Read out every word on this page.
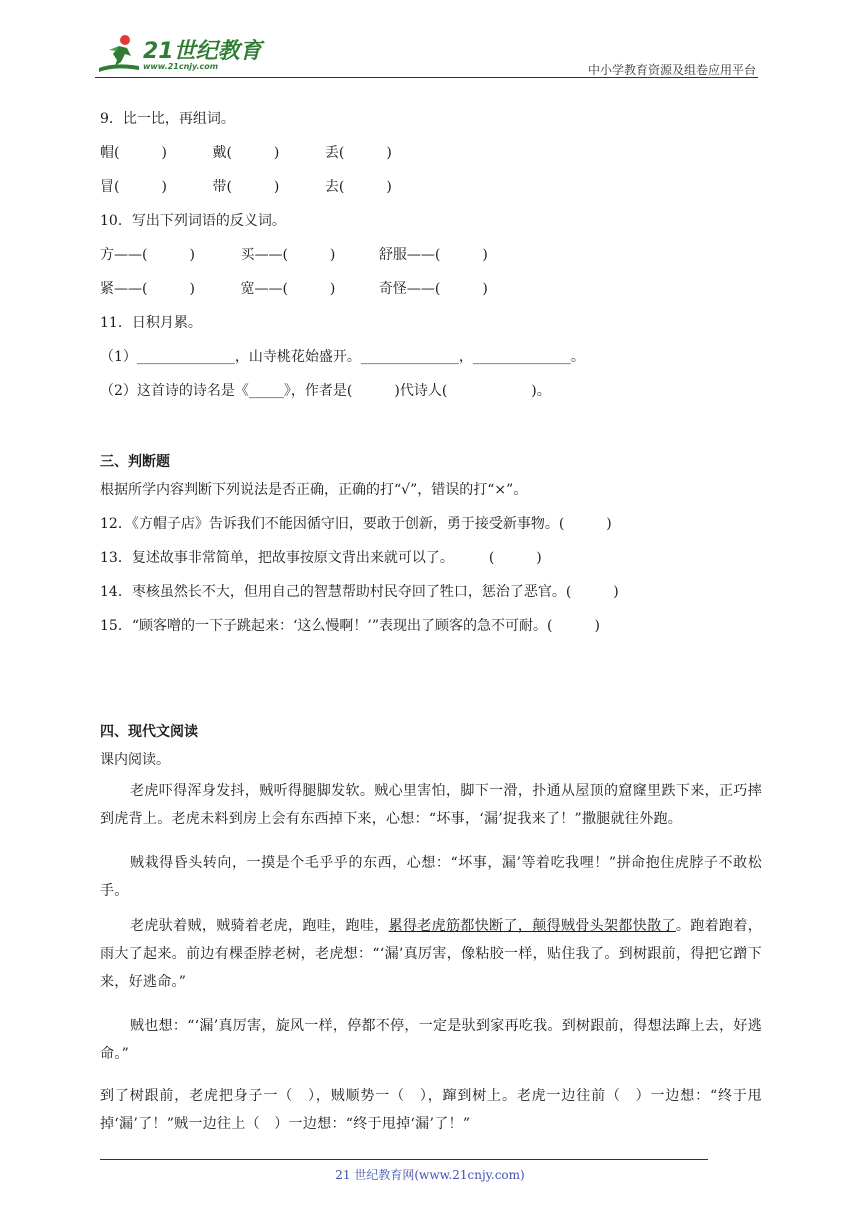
21世纪教育
www.21cnjy.com	中小学教育资源及组卷应用平台
9．比一比，再组词。
帽(　　　)	戴(　　　)	丢(　　　)
冒(　　　)	带(　　　)	去(　　　)
10．写出下列词语的反义词。
方——(　　　)	买——(　　　)	舒服——(　　　)
紧——(　　　)	宽——(　　　)	奇怪——(　　　)
11．日积月累。
（1）______________，山寺桃花始盛开。______________，______________。
（2）这首诗的诗名是《_____》，作者是(　　　)代诗人(　　　　　　)。
三、判断题
根据所学内容判断下列说法是否正确，正确的打“√”，错误的打“×”。
12．《方帽子店》告诉我们不能因循守旧，要敢于创新，勇于接受新事物。(　　　)
13．复述故事非常简单，把故事按原文背出来就可以了。　　　(　　　)
14．枣核虽然长不大，但用自己的智慧帮助村民夺回了牲口，惩治了恶官。(　　　)
15．“顾客噌的一下子跳起来：‘这么慢啊！’”表现出了顾客的急不可耐。(　　　)
四、现代文阅读
课内阅读。
老虎吓得浑身发抖，贼听得腿脚发软。贼心里害怕，脚下一滑，扑通从屋顶的窟窿里跌下来，正巧摔到虎背上。老虎未料到房上会有东西掉下来，心想：“坏事，‘漏’捉我来了！”撒腿就往外跑。
贼栽得昏头转向，一摸是个毛乎乎的东西，心想：“坏事，漏’等着吃我哩！”拼命抱住虎脖子不敢松手。
老虎驮着贼，贼骑着老虎，跑哇，跑哇，累得老虎筋都快断了，颠得贼骨头架都快散了。跑着跑着，雨大了起来。前边有棵歪脖老树，老虎想：“‘漏’真厉害，像粘胶一样，贴住我了。到树跟前，得把它蹭下来，好逃命。”
贼也想：“‘漏’真厉害，旋风一样，停都不停，一定是驮到家再吃我。到树跟前，得想法蹿上去，好逃命。”
到了树跟前，老虎把身子一（　），贼顺势一（　），蹿到树上。老虎一边往前（　）一边想：“终于甩掉‘漏’了！”贼一边往上（　）一边想：“终于甩掉‘漏’了！”
21 世纪教育网(www.21cnjy.com)
